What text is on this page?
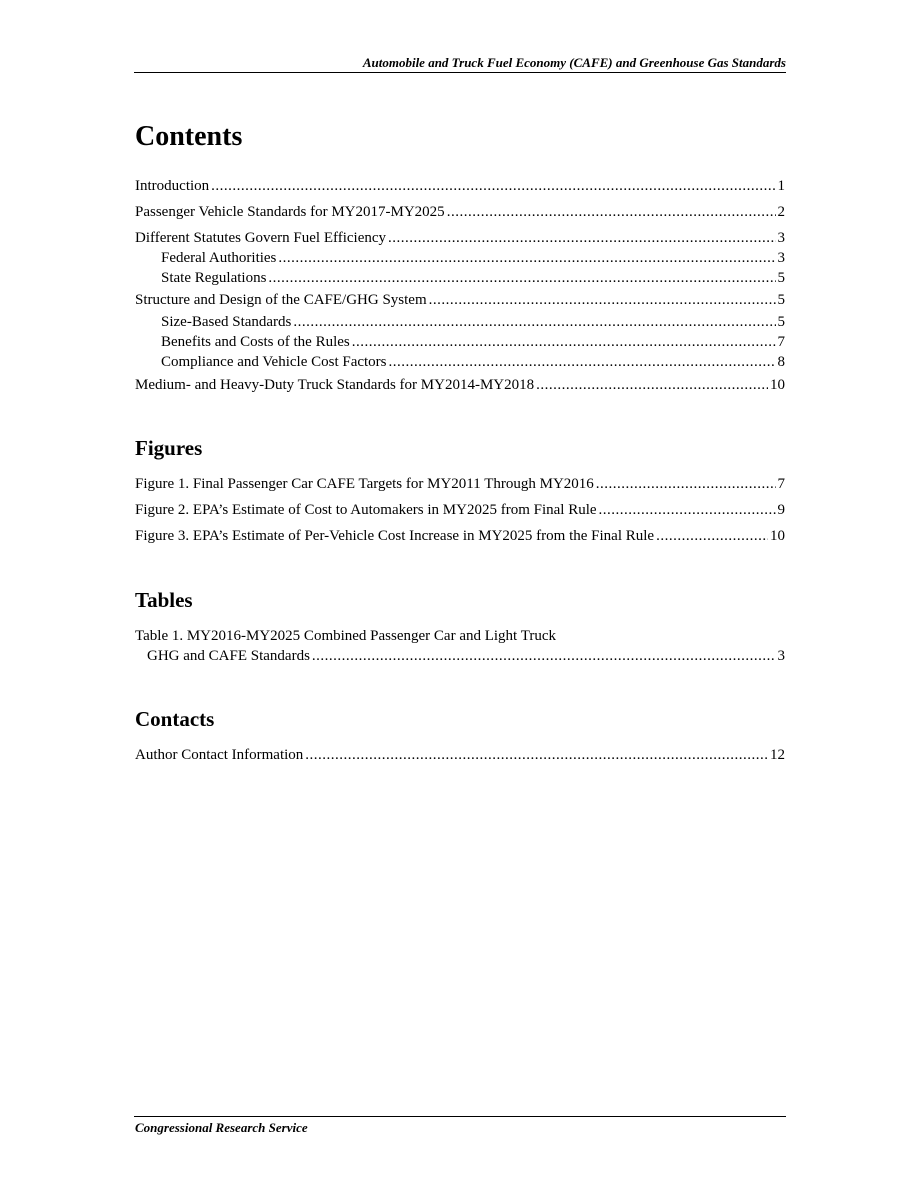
Automobile and Truck Fuel Economy (CAFE) and Greenhouse Gas Standards
Contents
Introduction .....	1
Passenger Vehicle Standards for MY2017-MY2025 .....	2
Different Statutes Govern Fuel Efficiency .....	3
Federal Authorities .....	3
State Regulations .....	5
Structure and Design of the CAFE/GHG System .....	5
Size-Based Standards .....	5
Benefits and Costs of the Rules .....	7
Compliance and Vehicle Cost Factors .....	8
Medium- and Heavy-Duty Truck Standards for MY2014-MY2018 .....	10
Figures
Figure 1. Final Passenger Car CAFE Targets for MY2011 Through MY2016 .....	7
Figure 2. EPA’s Estimate of Cost to Automakers in MY2025 from Final Rule .....	9
Figure 3. EPA’s Estimate of Per-Vehicle Cost Increase in MY2025 from the Final Rule .....	10
Tables
Table 1. MY2016-MY2025 Combined Passenger Car and Light Truck
GHG and CAFE Standards .....	3
Contacts
Author Contact Information .....	12
Congressional Research Service
